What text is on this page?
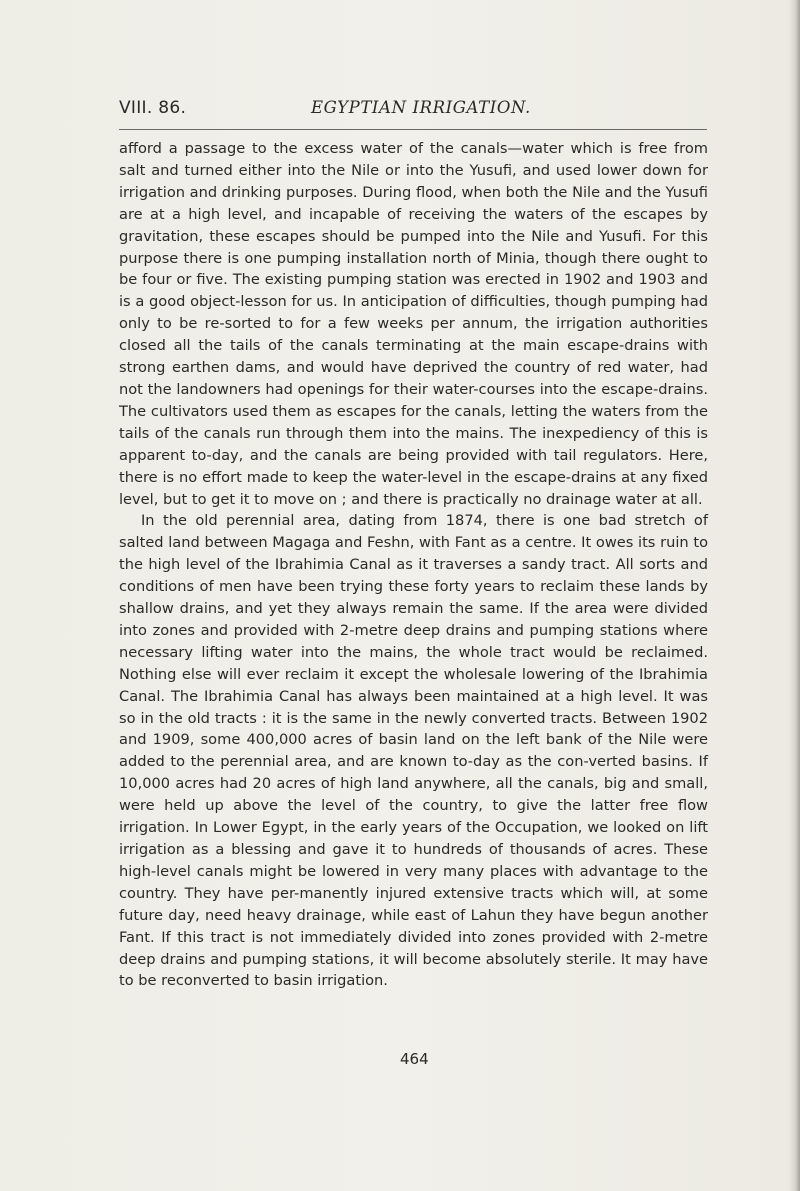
VIII. 86.	EGYPTIAN IRRIGATION.

afford a passage to the excess water of the canals—water which is free from salt and turned either into the Nile or into the Yusufi, and used lower down for irrigation and drinking purposes. During flood, when both the Nile and the Yusufi are at a high level, and incapable of receiving the waters of the escapes by gravitation, these escapes should be pumped into the Nile and Yusufi. For this purpose there is one pumping installation north of Minia, though there ought to be four or five. The existing pumping station was erected in 1902 and 1903 and is a good object-lesson for us. In anticipation of difficulties, though pumping had only to be re-sorted to for a few weeks per annum, the irrigation authorities closed all the tails of the canals terminating at the main escape-drains with strong earthen dams, and would have deprived the country of red water, had not the landowners had openings for their water-courses into the escape-drains. The cultivators used them as escapes for the canals, letting the waters from the tails of the canals run through them into the mains. The inexpediency of this is apparent to-day, and the canals are being provided with tail regulators. Here, there is no effort made to keep the water-level in the escape-drains at any fixed level, but to get it to move on ; and there is practically no drainage water at all.

In the old perennial area, dating from 1874, there is one bad stretch of salted land between Magaga and Feshn, with Fant as a centre. It owes its ruin to the high level of the Ibrahimia Canal as it traverses a sandy tract. All sorts and conditions of men have been trying these forty years to reclaim these lands by shallow drains, and yet they always remain the same. If the area were divided into zones and provided with 2-metre deep drains and pumping stations where necessary lifting water into the mains, the whole tract would be reclaimed. Nothing else will ever reclaim it except the wholesale lowering of the Ibrahimia Canal. The Ibrahimia Canal has always been maintained at a high level. It was so in the old tracts : it is the same in the newly converted tracts. Between 1902 and 1909, some 400,000 acres of basin land on the left bank of the Nile were added to the perennial area, and are known to-day as the con-verted basins. If 10,000 acres had 20 acres of high land anywhere, all the canals, big and small, were held up above the level of the country, to give the latter free flow irrigation. In Lower Egypt, in the early years of the Occupation, we looked on lift irrigation as a blessing and gave it to hundreds of thousands of acres. These high-level canals might be lowered in very many places with advantage to the country. They have per-manently injured extensive tracts which will, at some future day, need heavy drainage, while east of Lahun they have begun another Fant. If this tract is not immediately divided into zones provided with 2-metre deep drains and pumping stations, it will become absolutely sterile. It may have to be reconverted to basin irrigation.

464
